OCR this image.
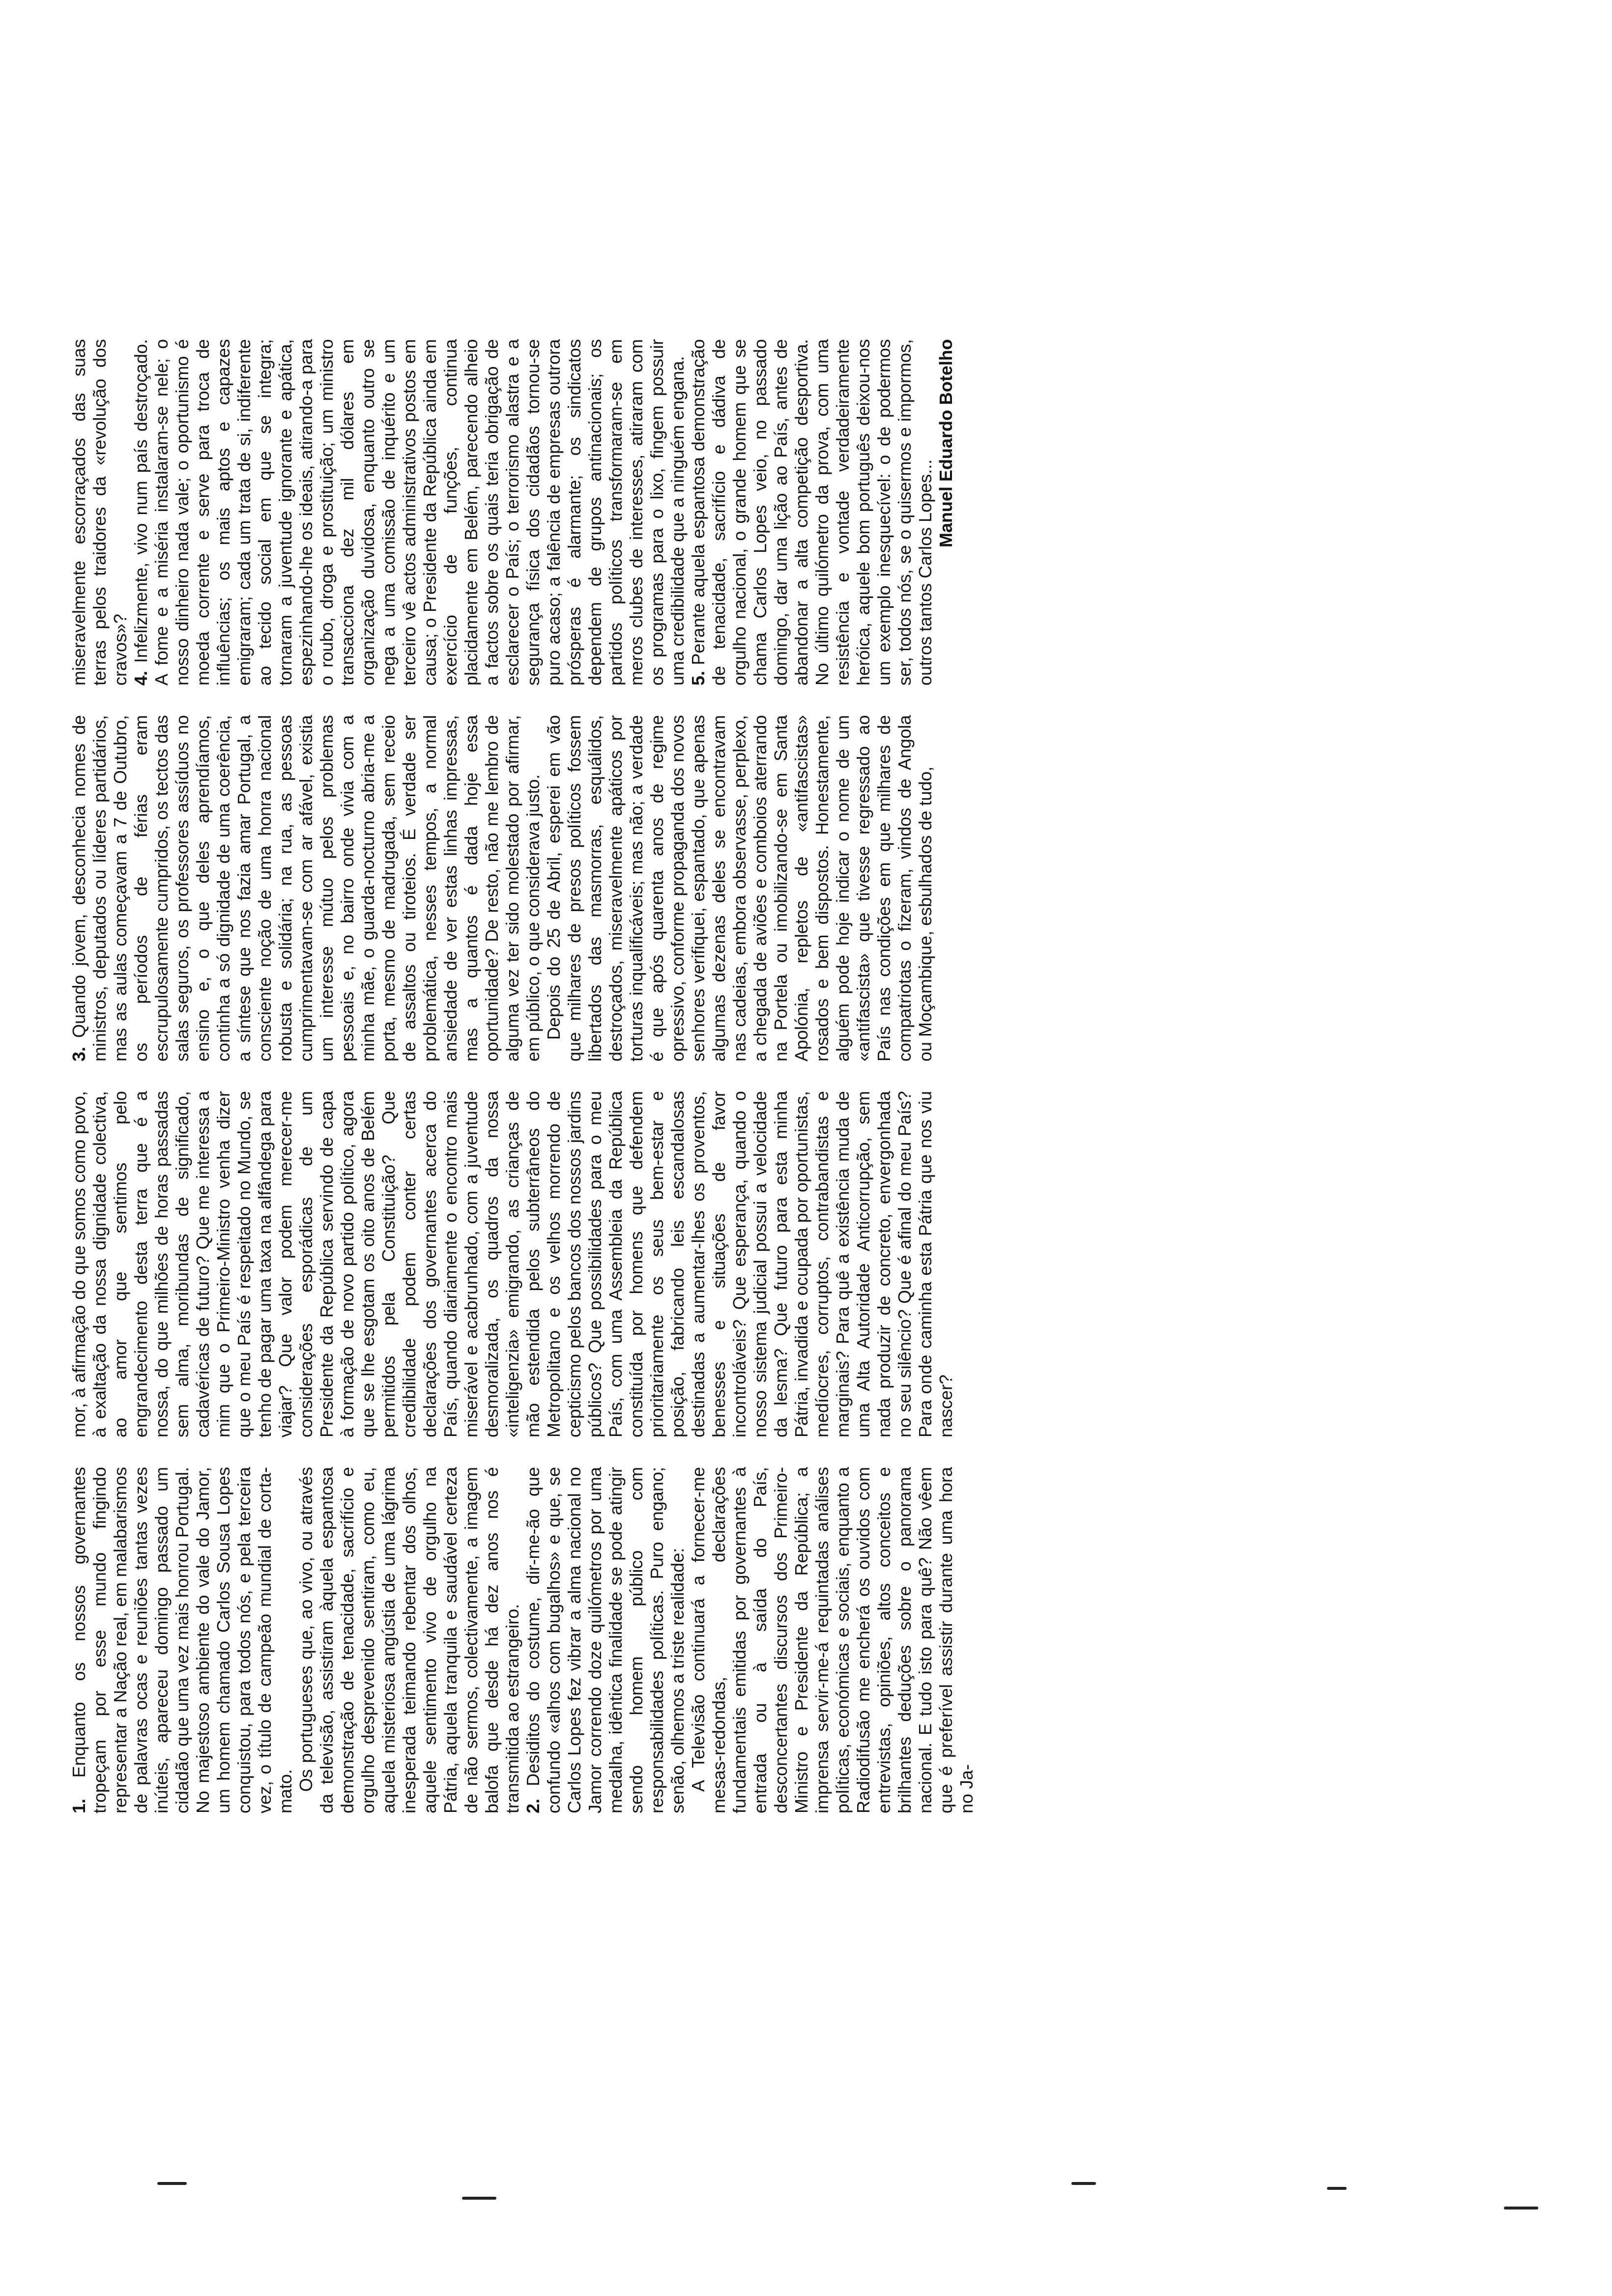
1. Enquanto os nossos governantes tropeçam por esse mundo fingindo representar a Nação real, em malabarismos de palavras ocas e reuniões tantas vezes inúteis, apareceu domingo passado um cidadão que uma vez mais honrou Portugal. No majestoso ambiente do vale do Jamor, um homem chamado Carlos Sousa Lopes conquistou, para todos nós, e pela terceira vez, o título de campeão mundial de corta-mato. Os portugueses que, ao vivo, ou através da televisão, assistiram àquela espantosa demonstração de tenacidade, sacrifício e orgulho desprevenido sentiram, como eu, aquela misteriosa angústia de uma lágrima inesperada teimando rebentar dos olhos, aquele sentimento vivo de orgulho na Pátria, aquela tranquila e saudável certeza de não sermos, colectivamente, a imagem balofa que desde há dez anos nos é transmitida ao estrangeiro. 2. Desiditos do costume, dir-me-ão que confundo «alhos com bugalhos» e que, se Carlos Lopes fez vibrar a alma nacional no Jamor correndo doze quilómetros por uma medalha, idêntica finalidade se pode atingir sendo homem público com responsabilidades políticas. Puro engano; senão, olhemos a triste realidade: A Televisão continuará a fornecer-me mesas-redondas, declarações fundamentais emitidas por governantes à entrada ou à saída do País, desconcertantes discursos dos Primeiro-Ministro e Presidente da República; a imprensa servir-me-á requintadas análises políticas, económicas e sociais, enquanto a Radiodifusão me encherá os ouvidos com entrevistas, opiniões, altos conceitos e brilhantes deduções sobre o panorama nacional. E tudo isto para quê? Não vêem que é preferível assistir durante uma hora no Ja-

mor, à afirmação do que somos como povo, à exaltação da nossa dignidade colectiva, ao amor que sentimos pelo engrandecimento desta terra que é a nossa, do que milhões de horas passadas sem alma, moribundas de significado, cadavéricas de futuro? Que me interessa a mim que o Primeiro-Ministro venha dizer que o meu País é respeitado no Mundo, se tenho de pagar uma taxa na alfândega para viajar? Que valor podem merecer-me considerações esporádicas de um Presidente da República servindo de capa à formação de novo partido político, agora que se lhe esgotam os oito anos de Belém permitidos pela Constituição? Que credibilidade podem conter certas declarações dos governantes acerca do País, quando diariamente o encontro mais miserável e acabrunhado, com a juventude desmoralizada, os quadros da nossa «inteligenzia» emigrando, as crianças de mão estendida pelos subterrâneos do Metropolitano e os velhos morrendo de cepticismo pelos bancos dos nossos jardins públicos? Que possibilidades para o meu País, com uma Assembleia da República constituída por homens que defendem prioritariamente os seus bem-estar e posição, fabricando leis escandalosas destinadas a aumentar-lhes os proventos, benesses e situações de favor incontroláveis? Que esperança, quando o nosso sistema judicial possui a velocidade da lesma? Que futuro para esta minha Pátria, invadida e ocupada por oportunistas, medíocres, corruptos, contrabandistas e marginais? Para quê a existência muda de uma Alta Autoridade Anticorrupção, sem nada produzir de concreto, envergonhada no seu silêncio? Que é afinal do meu País? Para onde caminha esta Pátria que nos viu nascer?

3. Quando jovem, desconhecia nomes de ministros, deputados ou líderes partidários, mas as aulas começavam a 7 de Outubro, os períodos de férias eram escrupulosamente cumpridos, os tectos das salas seguros, os professores assíduos no ensino e, o que deles aprendíamos, continha a só dignidade de uma coerência, a síntese que nos fazia amar Portugal, a consciente noção de uma honra nacional robusta e solidária; na rua, as pessoas cumprimentavam-se com ar afável, existia um interesse mútuo pelos problemas pessoais e, no bairro onde vivia com a minha mãe, o guarda-nocturno abria-me a porta, mesmo de madrugada, sem receio de assaltos ou tiroteios. É verdade ser problemática, nesses tempos, a normal ansiedade de ver estas linhas impressas, mas a quantos é dada hoje essa oportunidade? De resto, não me lembro de alguma vez ter sido molestado por afirmar, em público, o que considerava justo. Depois do 25 de Abril, esperei em vão que milhares de presos políticos fossem libertados das masmorras, esquálidos, destroçados, miseravelmente apáticos por torturas inqualificáveis; mas não; a verdade é que após quarenta anos de regime opressivo, conforme propaganda dos novos senhores verifiquei, espantado, que apenas algumas dezenas deles se encontravam nas cadeias, embora observasse, perplexo, a chegada de aviões e comboios aterrando na Portela ou imobilizando-se em Santa Apolónia, repletos de «antifascistas» rosados e bem dispostos. Honestamente, alguém pode hoje indicar o nome de um «antifascista» que tivesse regressado ao País nas condições em que milhares de compatriotas o fizeram, vindos de Angola ou Moçambique, esbulhados de tudo,

miseravelmente escorraçados das suas terras pelos traidores da «revolução dos cravos»? 4. Infelizmente, vivo num país destroçado. A fome e a miséria instalaram-se nele; o nosso dinheiro nada vale; o oportunismo é moeda corrente e serve para troca de influências; os mais aptos e capazes emigraram; cada um trata de si, indiferente ao tecido social em que se integra; tornaram a juventude ignorante e apática, espezinhando-lhe os ideais, atirando-a para o roubo, droga e prostituição; um ministro transacciona dez mil dólares em organização duvidosa, enquanto outro se nega a uma comissão de inquérito e um terceiro vê actos administrativos postos em causa; o Presidente da República ainda em exercício de funções, continua placidamente em Belém, parecendo alheio a factos sobre os quais teria obrigação de esclarecer o País; o terrorismo alastra e a segurança física dos cidadãos tornou-se puro acaso; a falência de empresas outrora prósperas é alarmante; os sindicatos dependem de grupos antinacionais; os partidos políticos transformaram-se em meros clubes de interesses, atiraram com os programas para o lixo, fingem possuir uma credibilidade que a ninguém engana. 5. Perante aquela espantosa demonstração de tenacidade, sacrifício e dádiva de orgulho nacional, o grande homem que se chama Carlos Lopes veio, no passado domingo, dar uma lição ao País, antes de abandonar a alta competição desportiva. No último quilómetro da prova, com uma resistência e vontade verdadeiramente heróica, aquele bom português deixou-nos um exemplo inesquecível: o de podermos ser, todos nós, se o quisermos e impormos, outros tantos Carlos Lopes...

Manuel Eduardo Botelho
